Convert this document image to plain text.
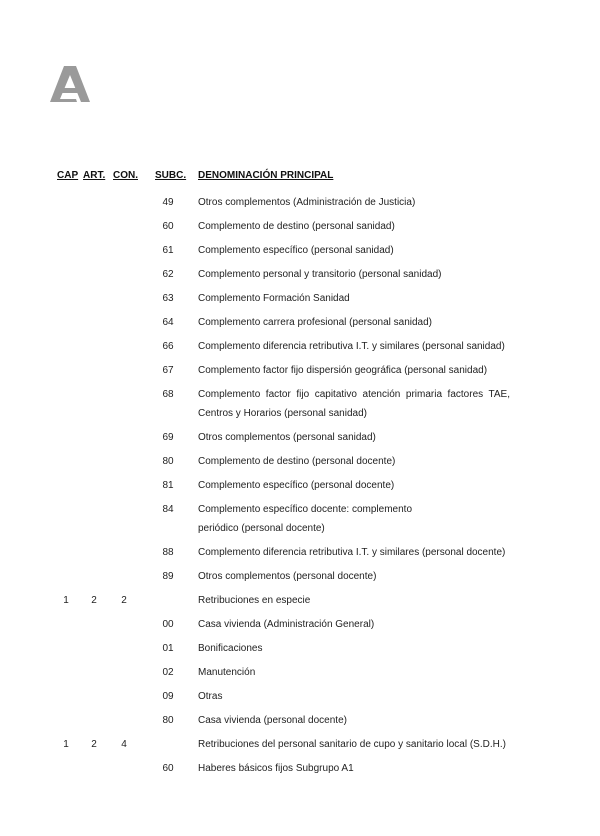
CAP ART. CON. SUBC. DENOMINACIÓN PRINCIPAL
49 Otros complementos (Administración de Justicia)
60 Complemento de destino (personal sanidad)
61 Complemento específico (personal sanidad)
62 Complemento personal y transitorio (personal sanidad)
63 Complemento Formación Sanidad
64 Complemento carrera profesional (personal sanidad)
66 Complemento diferencia retributiva I.T. y similares (personal sanidad)
67 Complemento factor fijo dispersión geográfica (personal sanidad)
68 Complemento factor fijo capitativo atención primaria factores TAE, Centros y Horarios (personal sanidad)
69 Otros complementos (personal sanidad)
80 Complemento de destino (personal docente)
81 Complemento específico (personal docente)
84 Complemento específico docente: complemento periódico (personal docente)
88 Complemento diferencia retributiva I.T. y similares (personal docente)
89 Otros complementos (personal docente)
1	2	2	Retribuciones en especie
00 Casa vivienda (Administración General)
01 Bonificaciones
02 Manutención
09 Otras
80 Casa vivienda (personal docente)
1	2	4	Retribuciones del personal sanitario de cupo y sanitario local (S.D.H.)
60 Haberes básicos fijos Subgrupo A1
